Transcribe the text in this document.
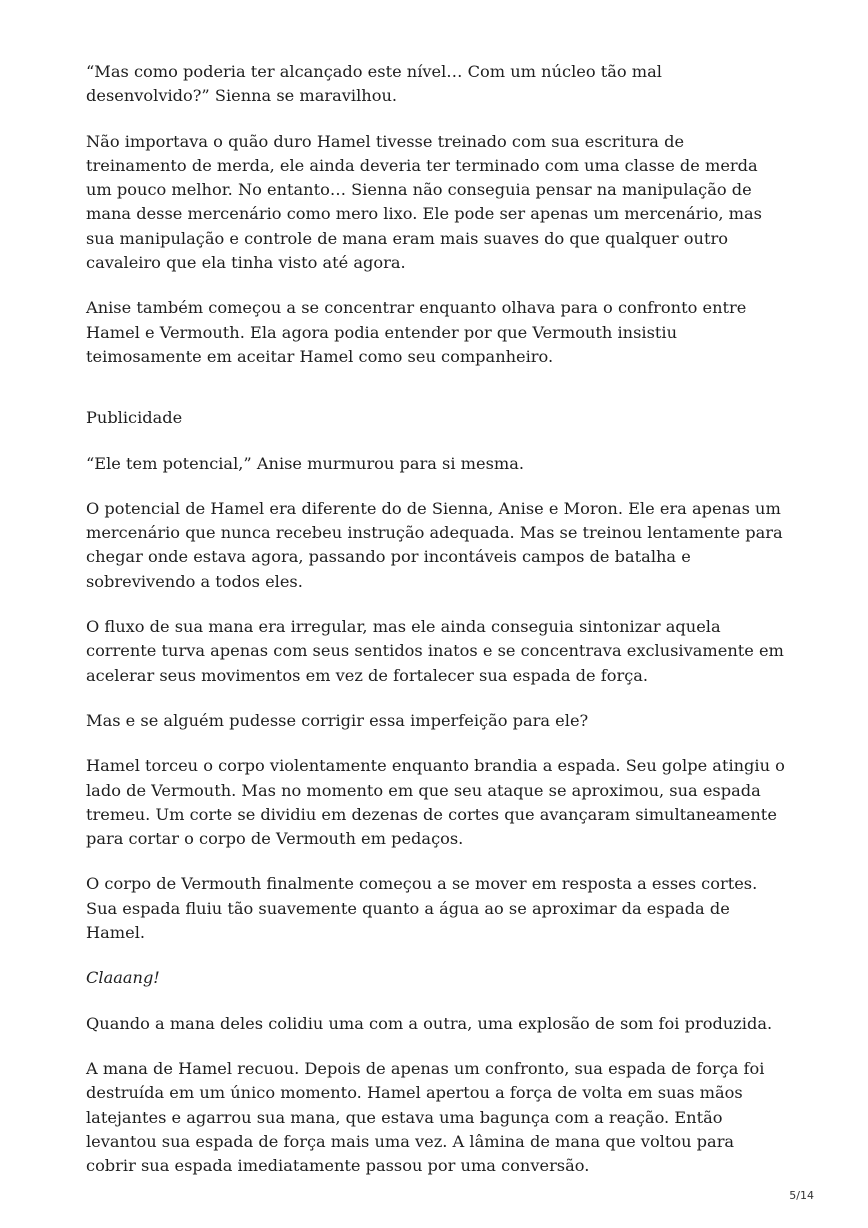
“Mas como poderia ter alcançado este nível… Com um núcleo tão mal desenvolvido?” Sienna se maravilhou.

Não importava o quão duro Hamel tivesse treinado com sua escritura de treinamento de merda, ele ainda deveria ter terminado com uma classe de merda um pouco melhor. No entanto… Sienna não conseguia pensar na manipulação de mana desse mercenário como mero lixo. Ele pode ser apenas um mercenário, mas sua manipulação e controle de mana eram mais suaves do que qualquer outro cavaleiro que ela tinha visto até agora.

Anise também começou a se concentrar enquanto olhava para o confronto entre Hamel e Vermouth. Ela agora podia entender por que Vermouth insistiu teimosamente em aceitar Hamel como seu companheiro.

Publicidade

“Ele tem potencial,” Anise murmurou para si mesma.

O potencial de Hamel era diferente do de Sienna, Anise e Moron. Ele era apenas um mercenário que nunca recebeu instrução adequada. Mas se treinou lentamente para chegar onde estava agora, passando por incontáveis campos de batalha e sobrevivendo a todos eles.

O fluxo de sua mana era irregular, mas ele ainda conseguia sintonizar aquela corrente turva apenas com seus sentidos inatos e se concentrava exclusivamente em acelerar seus movimentos em vez de fortalecer sua espada de força.

Mas e se alguém pudesse corrigir essa imperfeição para ele?

Hamel torceu o corpo violentamente enquanto brandia a espada. Seu golpe atingiu o lado de Vermouth. Mas no momento em que seu ataque se aproximou, sua espada tremeu. Um corte se dividiu em dezenas de cortes que avançaram simultaneamente para cortar o corpo de Vermouth em pedaços.

O corpo de Vermouth finalmente começou a se mover em resposta a esses cortes. Sua espada fluiu tão suavemente quanto a água ao se aproximar da espada de Hamel.

Claaang!

Quando a mana deles colidiu uma com a outra, uma explosão de som foi produzida.

A mana de Hamel recuou. Depois de apenas um confronto, sua espada de força foi destruída em um único momento. Hamel apertou a força de volta em suas mãos latejantes e agarrou sua mana, que estava uma bagunça com a reação. Então levantou sua espada de força mais uma vez. A lâmina de mana que voltou para cobrir sua espada imediatamente passou por uma conversão.

5/14
